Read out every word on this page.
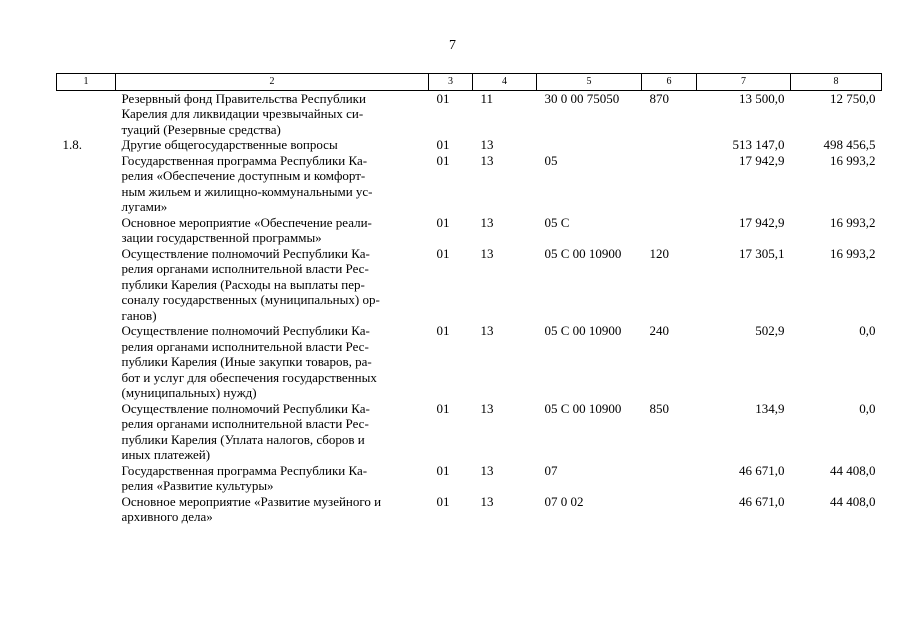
7
1	2	3	4	5	6	7	8

	Резервный фонд Правительства Республики
Карелия для ликвидации чрезвычайных си-
туаций (Резервные средства)	01	11	30 0 00 75050	870	13 500,0	12 750,0
1.8.	Другие общегосударственные вопросы	01	13			513 147,0	498 456,5

	Государственная программа Республики Ка-
релия «Обеспечение доступным и комфорт-
ным жильем и жилищно-коммунальными ус-
лугами»	01	13	05		17 942,9	16 993,2

	Основное мероприятие «Обеспечение реали-
зации государственной программы»	01	13	05 С		17 942,9	16 993,2

	Осуществление полномочий Республики Ка-
релия органами исполнительной власти Рес-
публики Карелия (Расходы на выплаты пер-
соналу государственных (муниципальных) ор-
ганов)	01	13	05 С 00 10900	120	17 305,1	16 993,2

	Осуществление полномочий Республики Ка-
релия органами исполнительной власти Рес-
публики Карелия (Иные закупки товаров, ра-
бот и услуг для обеспечения государственных
(муниципальных) нужд)	01	13	05 С 00 10900	240	502,9	0,0

	Осуществление полномочий Республики Ка-
релия органами исполнительной власти Рес-
публики Карелия (Уплата налогов, сборов и
иных платежей)	01	13	05 С 00 10900	850	134,9	0,0

	Государственная программа Республики Ка-
релия «Развитие культуры»	01	13	07		46 671,0	44 408,0

	Основное мероприятие «Развитие музейного и
архивного дела»	01	13	07 0 02		46 671,0	44 408,0
